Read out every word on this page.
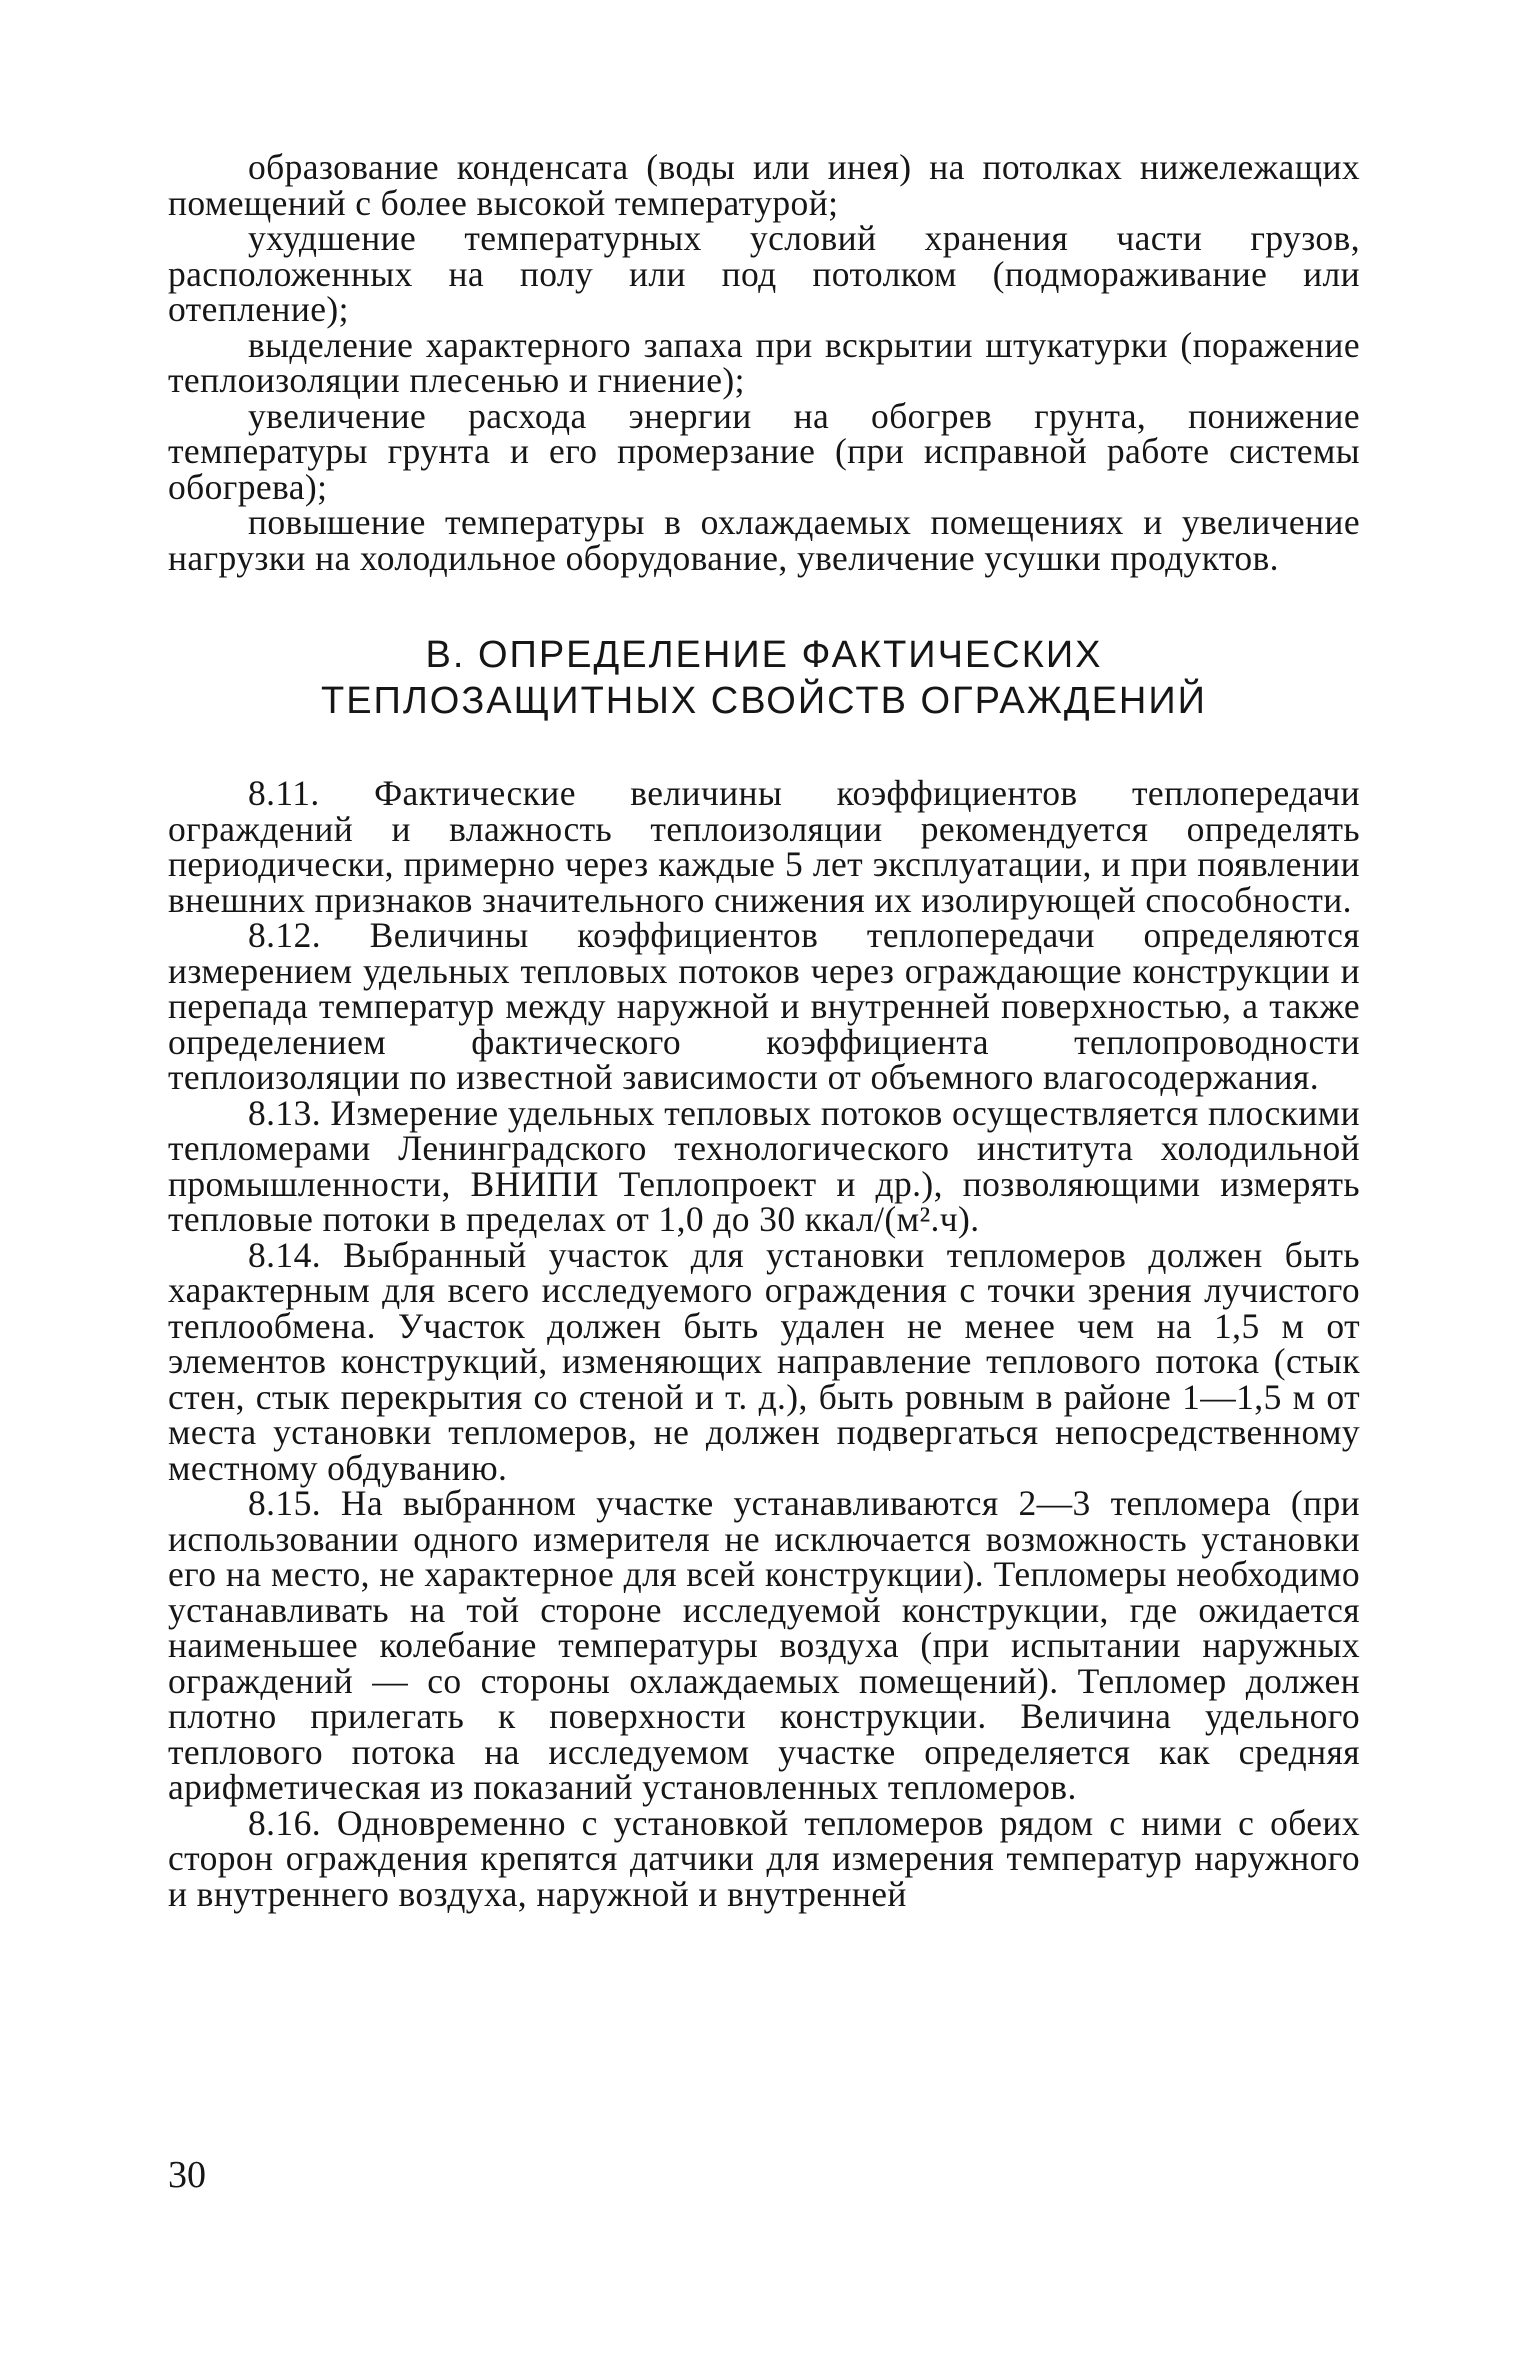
образование конденсата (воды или инея) на потолках нижележащих помещений с более высокой температурой;

ухудшение температурных условий хранения части грузов, расположенных на полу или под потолком (подмораживание или отепление);

выделение характерного запаха при вскрытии штукатурки (поражение теплоизоляции плесенью и гниение);

увеличение расхода энергии на обогрев грунта, понижение температуры грунта и его промерзание (при исправной работе системы обогрева);

повышение температуры в охлаждаемых помещениях и увеличение нагрузки на холодильное оборудование, увеличение усушки продуктов.

В. ОПРЕДЕЛЕНИЕ ФАКТИЧЕСКИХ
ТЕПЛОЗАЩИТНЫХ СВОЙСТВ ОГРАЖДЕНИЙ

8.11. Фактические величины коэффициентов теплопередачи ограждений и влажность теплоизоляции рекомендуется определять периодически, примерно через каждые 5 лет эксплуатации, и при появлении внешних признаков значительного снижения их изолирующей способности.

8.12. Величины коэффициентов теплопередачи определяются измерением удельных тепловых потоков через ограждающие конструкции и перепада температур между наружной и внутренней поверхностью, а также определением фактического коэффициента теплопроводности теплоизоляции по известной зависимости от объемного влагосодержания.

8.13. Измерение удельных тепловых потоков осуществляется плоскими тепломерами Ленинградского технологического института холодильной промышленности, ВНИПИ Теплопроект и др.), позволяющими измерять тепловые потоки в пределах от 1,0 до 30 ккал/(м².ч).

8.14. Выбранный участок для установки тепломеров должен быть характерным для всего исследуемого ограждения с точки зрения лучистого теплообмена. Участок должен быть удален не менее чем на 1,5 м от элементов конструкций, изменяющих направление теплового потока (стык стен, стык перекрытия со стеной и т. д.), быть ровным в районе 1—1,5 м от места установки тепломеров, не должен подвергаться непосредственному местному обдуванию.

8.15. На выбранном участке устанавливаются 2—3 тепломера (при использовании одного измерителя не исключается возможность установки его на место, не характерное для всей конструкции). Тепломеры необходимо устанавливать на той стороне исследуемой конструкции, где ожидается наименьшее колебание температуры воздуха (при испытании наружных ограждений — со стороны охлаждаемых помещений). Тепломер должен плотно прилегать к поверхности конструкции. Величина удельного теплового потока на исследуемом участке определяется как средняя арифметическая из показаний установленных тепломеров.

8.16. Одновременно с установкой тепломеров рядом с ними с обеих сторон ограждения крепятся датчики для измерения температур наружного и внутреннего воздуха, наружной и внутренней

30
